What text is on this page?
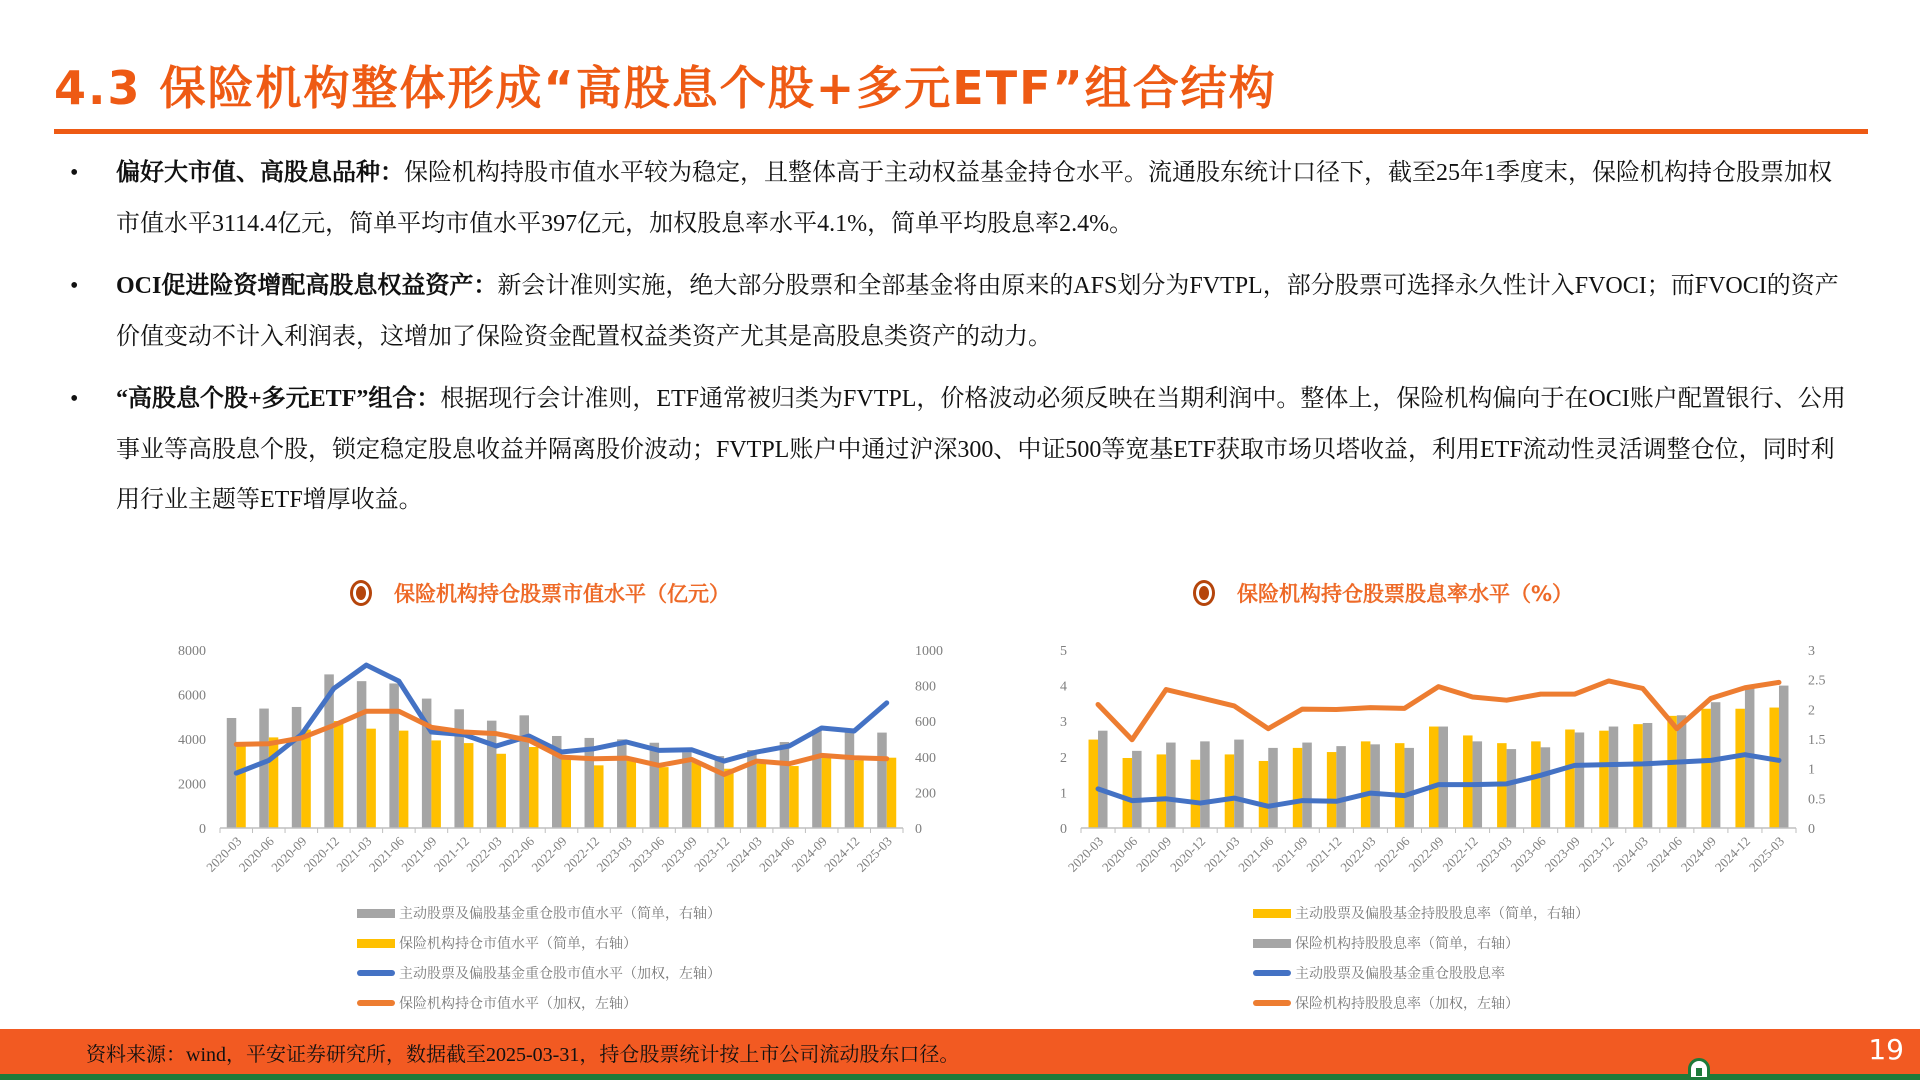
4.3 保险机构整体形成“高股息个股+多元ETF”组合结构
• 偏好大市值、高股息品种：保险机构持股市值水平较为稳定，且整体高于主动权益基金持仓水平。流通股东统计口径下，截至25年1季度末，保险机构持仓股票加权市值水平3114.4亿元，简单平均市值水平397亿元，加权股息率水平4.1%，简单平均股息率2.4%。
• OCI促进险资增配高股息权益资产：新会计准则实施，绝大部分股票和全部基金将由原来的AFS划分为FVTPL，部分股票可选择永久性计入FVOCI；而FVOCI的资产价值变动不计入利润表，这增加了保险资金配置权益类资产尤其是高股息类资产的动力。
• “高股息个股+多元ETF”组合：根据现行会计准则，ETF通常被归类为FVTPL，价格波动必须反映在当期利润中。整体上，保险机构偏向于在OCI账户配置银行、公用事业等高股息个股，锁定稳定股息收益并隔离股价波动；FVTPL账户中通过沪深300、中证500等宽基ETF获取市场贝塔收益，利用ETF流动性灵活调整仓位，同时利用行业主题等ETF增厚收益。
保险机构持仓股票市值水平（亿元）	保险机构持仓股票股息率水平（%）
0
2000
4000
6000
8000
0
200
400
600
800
1000
2020-03
2020-06
2020-09
2020-12
2021-03
2021-06
2021-09
2021-12
2022-03
2022-06
2022-09
2022-12
2023-03
2023-06
2023-09
2023-12
2024-03
2024-06
2024-09
2024-12
2025-03
0
1
2
3
4
5
0
0.5
1
1.5
2
2.5
3
2020-03
2020-06
2020-09
2020-12
2021-03
2021-06
2021-09
2021-12
2022-03
2022-06
2022-09
2022-12
2023-03
2023-06
2023-09
2023-12
2024-03
2024-06
2024-09
2024-12
2025-03
主动股票及偏股基金重仓股市值水平（简单，右轴）
保险机构持仓市值水平（简单，右轴）
主动股票及偏股基金重仓股市值水平（加权，左轴）
保险机构持仓市值水平（加权，左轴）
主动股票及偏股基金持股股息率（简单，右轴）
保险机构持股股息率（简单，右轴）
主动股票及偏股基金重仓股股息率
保险机构持股股息率（加权，左轴）
资料来源：wind，平安证券研究所，数据截至2025-03-31，持仓股票统计按上市公司流动股东口径。	19
